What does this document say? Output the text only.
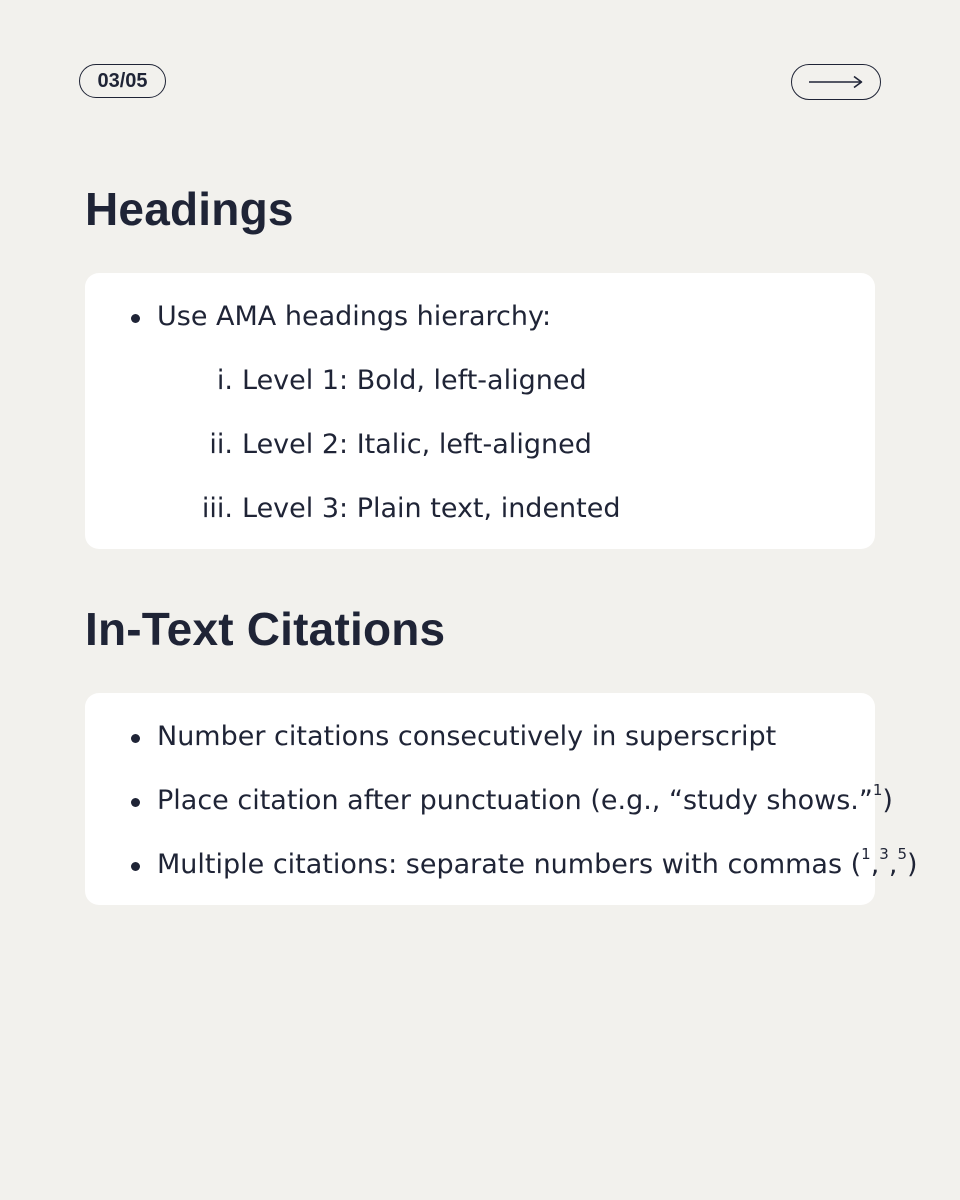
03/05
Headings
Use AMA headings hierarchy:
i. Level 1: Bold, left-aligned
ii. Level 2: Italic, left-aligned
iii. Level 3: Plain text, indented
In-Text Citations
Number citations consecutively in superscript
Place citation after punctuation (e.g., “study shows.”$^1$)
Multiple citations: separate numbers with commas ($^1$,$^3$,$^5$)
